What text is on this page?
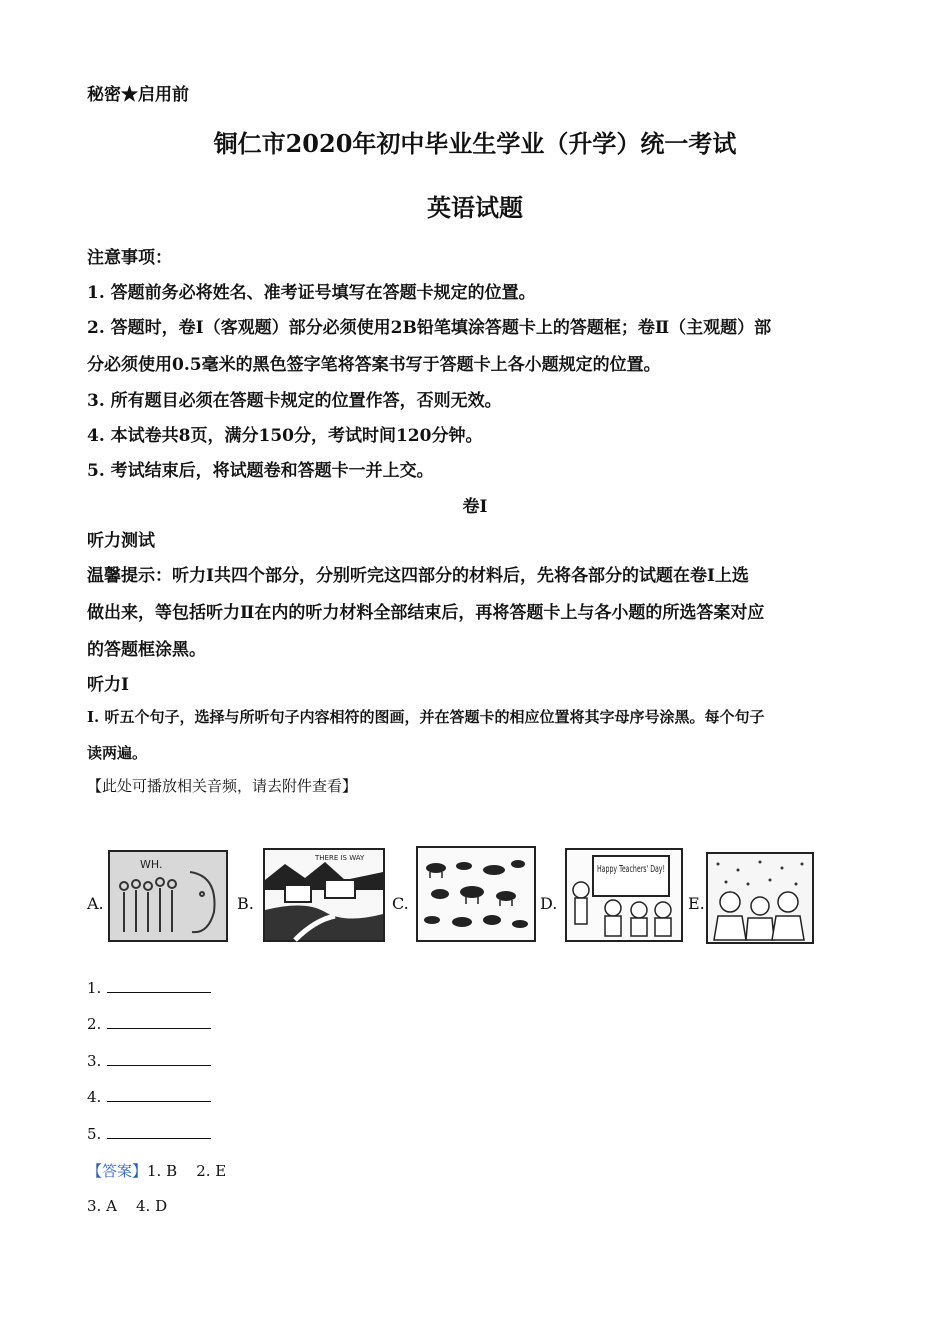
秘密★启用前
铜仁市2020年初中毕业生学业（升学）统一考试
英语试题
注意事项：
1. 答题前务必将姓名、准考证号填写在答题卡规定的位置。
2. 答题时，卷Ⅰ（客观题）部分必须使用2B铅笔填涂答题卡上的答题框；卷Ⅱ（主观题）部
分必须使用0.5毫米的黑色签字笔将答案书写于答题卡上各小题规定的位置。
3. 所有题目必须在答题卡规定的位置作答，否则无效。
4. 本试卷共8页，满分150分，考试时间120分钟。
5. 考试结束后，将试题卷和答题卡一并上交。
卷Ⅰ
听力测试
温馨提示：听力Ⅰ共四个部分，分别听完这四部分的材料后，先将各部分的试题在卷Ⅰ上选
做出来，等包括听力Ⅱ在内的听力材料全部结束后，再将答题卡上与各小题的所选答案对应
的答题框涂黑。
听力Ⅰ
Ⅰ. 听五个句子，选择与所听句子内容相符的图画，并在答题卡的相应位置将其字母序号涂黑。每个句子
读两遍。
【此处可播放相关音频，请去附件查看】
A.
WH.
B.
THERE IS WAY
C.	D.
Happy Teachers' Day!
E.
1.
2.
3.
4.
5.
【答案】1. B    2. E
3. A    4. D
